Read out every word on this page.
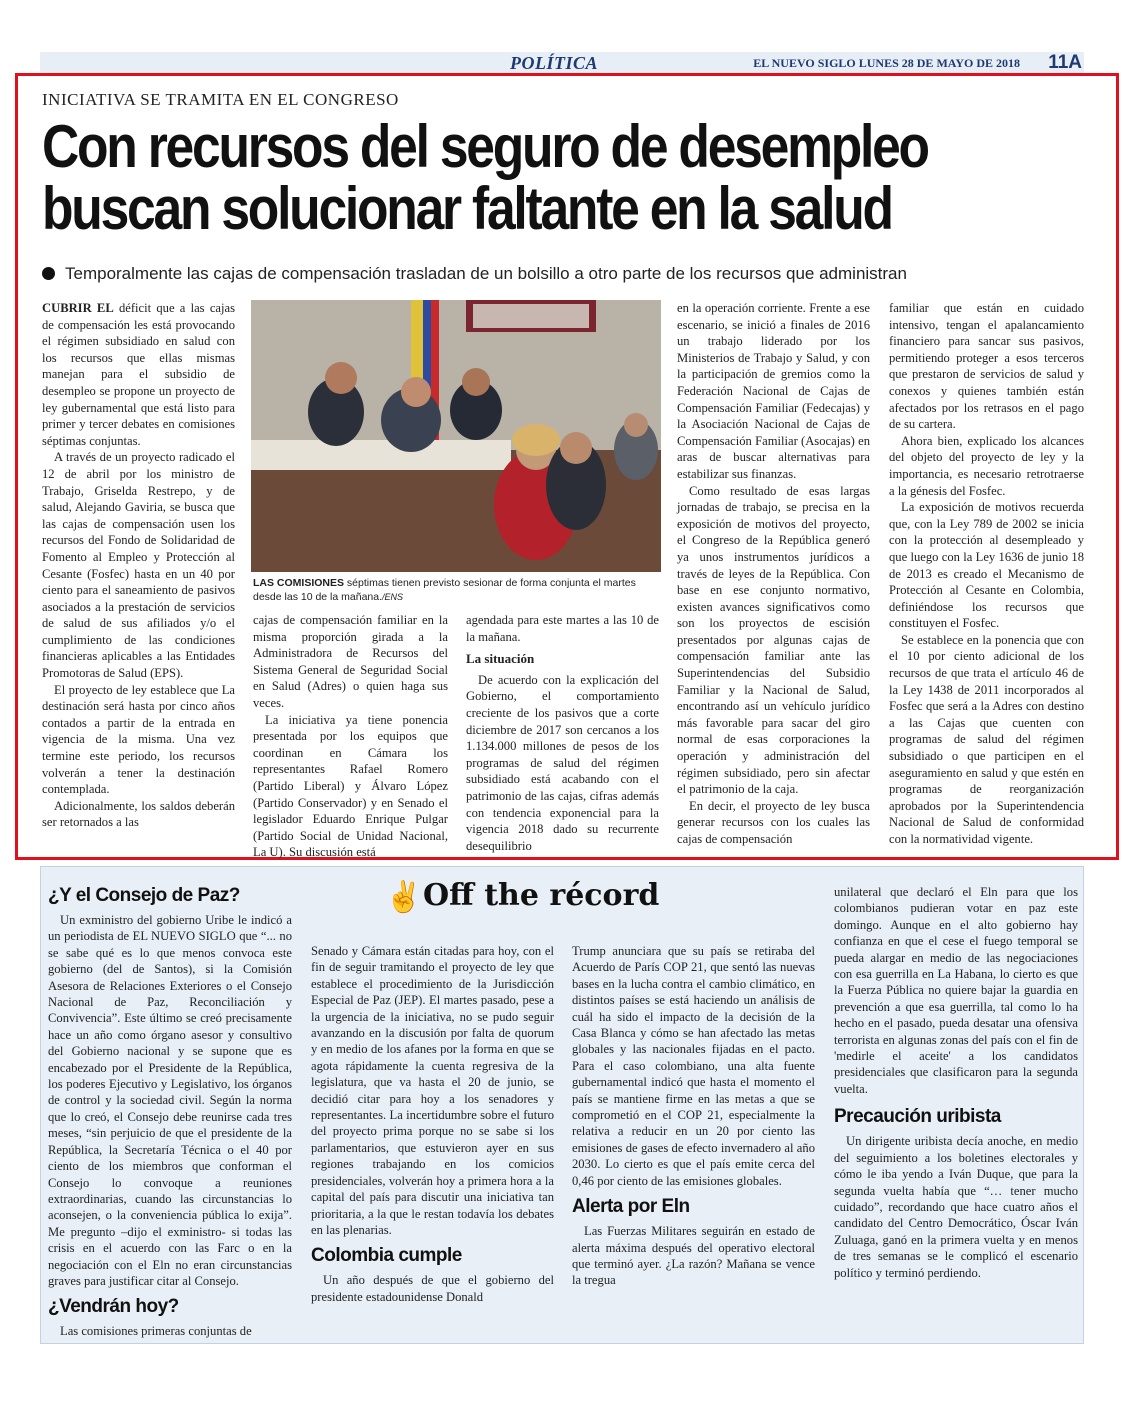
POLÍTICA	EL NUEVO SIGLO LUNES 28 DE MAYO DE 2018 11A
INICIATIVA SE TRAMITA EN EL CONGRESO
Con recursos del seguro de desempleo
buscan solucionar faltante en la salud
Temporalmente las cajas de compensación trasladan de un bolsillo a otro parte de los recursos que administran

CUBRIR EL déficit que a las cajas de compensación les está provocando el régimen subsidiado en salud con los recursos que ellas mismas manejan para el subsidio de desempleo se propone un proyecto de ley gubernamental que está listo para primer y tercer debates en comisiones séptimas conjuntas.

A través de un proyecto radicado el 12 de abril por los ministro de Trabajo, Griselda Restrepo, y de salud, Alejando Gaviria, se busca que las cajas de compensación usen los recursos del Fondo de Solidaridad de Fomento al Empleo y Protección al Cesante (Fosfec) hasta en un 40 por ciento para el saneamiento de pasivos asociados a la prestación de servicios de salud de sus afiliados y/o el cumplimiento de las condiciones financieras aplicables a las Entidades Promotoras de Salud (EPS).

El proyecto de ley establece que La destinación será hasta por cinco años contados a partir de la entrada en vigencia de la misma. Una vez termine este periodo, los recursos volverán a tener la destinación contemplada.

Adicionalmente, los saldos deberán ser retornados a las

LAS COMISIONES séptimas tienen previsto sesionar de forma conjunta el martes desde las 10 de la mañana./ENS

cajas de compensación familiar en la misma proporción girada a la Administradora de Recursos del Sistema General de Seguridad Social en Salud (Adres) o quien haga sus veces.

La iniciativa ya tiene ponencia presentada por los equipos que coordinan en Cámara los representantes Rafael Romero (Partido Liberal) y Álvaro López (Partido Conservador) y en Senado el legislador Eduardo Enrique Pulgar (Partido Social de Unidad Nacional, La U). Su discusión está

agendada para este martes a las 10 de la mañana.

La situación

De acuerdo con la explicación del Gobierno, el comportamiento creciente de los pasivos que a corte diciembre de 2017 son cercanos a los 1.134.000 millones de pesos de los programas de salud del régimen subsidiado está acabando con el patrimonio de las cajas, cifras además con tendencia exponencial para la vigencia 2018 dado su recurrente desequilibrio

en la operación corriente. Frente a ese escenario, se inició a finales de 2016 un trabajo liderado por los Ministerios de Trabajo y Salud, y con la participación de gremios como la Federación Nacional de Cajas de Compensación Familiar (Fedecajas) y la Asociación Nacional de Cajas de Compensación Familiar (Asocajas) en aras de buscar alternativas para estabilizar sus finanzas.

Como resultado de esas largas jornadas de trabajo, se precisa en la exposición de motivos del proyecto, el Congreso de la República generó ya unos instrumentos jurídicos a través de leyes de la República. Con base en ese conjunto normativo, existen avances significativos como son los proyectos de escisión presentados por algunas cajas de compensación familiar ante las Superintendencias del Subsidio Familiar y la Nacional de Salud, encontrando así un vehículo jurídico más favorable para sacar del giro normal de esas corporaciones la operación y administración del régimen subsidiado, pero sin afectar el patrimonio de la caja.

En decir, el proyecto de ley busca generar recursos con los cuales las cajas de compensación

familiar que están en cuidado intensivo, tengan el apalancamiento financiero para sancar sus pasivos, permitiendo proteger a esos terceros que prestaron de servicios de salud y conexos y quienes también están afectados por los retrasos en el pago de su cartera.

Ahora bien, explicado los alcances del objeto del proyecto de ley y la importancia, es necesario retrotraerse a la génesis del Fosfec.

La exposición de motivos recuerda que, con la Ley 789 de 2002 se inicia con la protección al desempleado y que luego con la Ley 1636 de junio 18 de 2013 es creado el Mecanismo de Protección al Cesante en Colombia, definiéndose los recursos que constituyen el Fosfec.

Se establece en la ponencia que con el 10 por ciento adicional de los recursos de que trata el artículo 46 de la Ley 1438 de 2011 incorporados al Fosfec que será a la Adres con destino a las Cajas que cuenten con programas de salud del régimen subsidiado o que participen en el aseguramiento en salud y que estén en programas de reorganización aprobados por la Superintendencia Nacional de Salud de conformidad con la normatividad vigente.

✌Off the récord
¿Y el Consejo de Paz?

Un exministro del gobierno Uribe le indicó a un periodista de EL NUEVO SIGLO que “... no se sabe qué es lo que menos convoca este gobierno (del de Santos), si la Comisión Asesora de Relaciones Exteriores o el Consejo Nacional de Paz, Reconciliación y Convivencia”. Este último se creó precisamente hace un año como órgano asesor y consultivo del Gobierno nacional y se supone que es encabezado por el Presidente de la República, los poderes Ejecutivo y Legislativo, los órganos de control y la sociedad civil. Según la norma que lo creó, el Consejo debe reunirse cada tres meses, “sin perjuicio de que el presidente de la República, la Secretaría Técnica o el 40 por ciento de los miembros que conforman el Consejo lo convoque a reuniones extraordinarias, cuando las circunstancias lo aconsejen, o la conveniencia pública lo exija”. Me pregunto –dijo el exministro- si todas las crisis en el acuerdo con las Farc o en la negociación con el Eln no eran circunstancias graves para justificar citar al Consejo.

¿Vendrán hoy?

Las comisiones primeras conjuntas de

Senado y Cámara están citadas para hoy, con el fin de seguir tramitando el proyecto de ley que establece el procedimiento de la Jurisdicción Especial de Paz (JEP). El martes pasado, pese a la urgencia de la iniciativa, no se pudo seguir avanzando en la discusión por falta de quorum y en medio de los afanes por la forma en que se agota rápidamente la cuenta regresiva de la legislatura, que va hasta el 20 de junio, se decidió citar para hoy a los senadores y representantes. La incertidumbre sobre el futuro del proyecto prima porque no se sabe si los parlamentarios, que estuvieron ayer en sus regiones trabajando en los comicios presidenciales, volverán hoy a primera hora a la capital del país para discutir una iniciativa tan prioritaria, a la que le restan todavía los debates en las plenarias.

Colombia cumple

Un año después de que el gobierno del presidente estadounidense Donald

Trump anunciara que su país se retiraba del Acuerdo de París COP 21, que sentó las nuevas bases en la lucha contra el cambio climático, en distintos países se está haciendo un análisis de cuál ha sido el impacto de la decisión de la Casa Blanca y cómo se han afectado las metas globales y las nacionales fijadas en el pacto. Para el caso colombiano, una alta fuente gubernamental indicó que hasta el momento el país se mantiene firme en las metas a que se comprometió en el COP 21, especialmente la relativa a reducir en un 20 por ciento las emisiones de gases de efecto invernadero al año 2030. Lo cierto es que el país emite cerca del 0,46 por ciento de las emisiones globales.

Alerta por Eln

Las Fuerzas Militares seguirán en estado de alerta máxima después del operativo electoral que terminó ayer. ¿La razón? Mañana se vence la tregua

unilateral que declaró el Eln para que los colombianos pudieran votar en paz este domingo. Aunque en el alto gobierno hay confianza en que el cese el fuego temporal se pueda alargar en medio de las negociaciones con esa guerrilla en La Habana, lo cierto es que la Fuerza Pública no quiere bajar la guardia en prevención a que esa guerrilla, tal como lo ha hecho en el pasado, pueda desatar una ofensiva terrorista en algunas zonas del país con el fin de 'medirle el aceite' a los candidatos presidenciales que clasificaron para la segunda vuelta.

Precaución uribista

Un dirigente uribista decía anoche, en medio del seguimiento a los boletines electorales y cómo le iba yendo a Iván Duque, que para la segunda vuelta había que “… tener mucho cuidado”, recordando que hace cuatro años el candidato del Centro Democrático, Óscar Iván Zuluaga, ganó en la primera vuelta y en menos de tres semanas se le complicó el escenario político y terminó perdiendo.
